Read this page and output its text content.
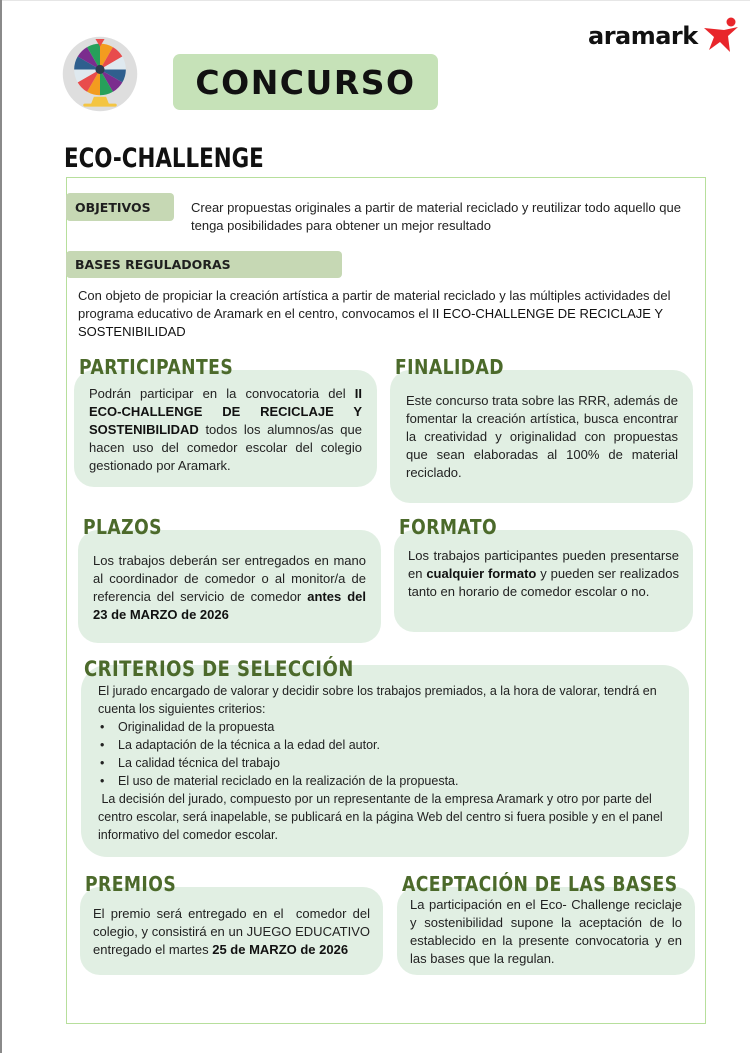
CONCURSO
aramark
ECO-CHALLENGE
OBJETIVOS	Crear propuestas originales a partir de material reciclado y reutilizar todo aquello que tenga posibilidades para obtener un mejor resultado
BASES REGULADORAS
Con objeto de propiciar la creación artística a partir de material reciclado y las múltiples actividades del programa educativo de Aramark en el centro, convocamos el II ECO-CHALLENGE DE RECICLAJE Y SOSTENIBILIDAD
PARTICIPANTES
Podrán participar en la convocatoria del II ECO-CHALLENGE DE RECICLAJE Y SOSTENIBILIDAD todos los alumnos/as que hacen uso del comedor escolar del colegio gestionado por Aramark.
FINALIDAD
Este concurso trata sobre las RRR, además de fomentar la creación artística, busca encontrar la creatividad y originalidad con propuestas que sean elaboradas al 100% de material reciclado.
PLAZOS
Los trabajos deberán ser entregados en mano al coordinador de comedor o al monitor/a de referencia del servicio de comedor antes del 23 de MARZO de 2026
FORMATO
Los trabajos participantes pueden presentarse en cualquier formato y pueden ser realizados tanto en horario de comedor escolar o no.
CRITERIOS DE SELECCIÓN
El jurado encargado de valorar y decidir sobre los trabajos premiados, a la hora de valorar, tendrá en cuenta los siguientes criterios:
• Originalidad de la propuesta
• La adaptación de la técnica a la edad del autor.
• La calidad técnica del trabajo
• El uso de material reciclado en la realización de la propuesta.
La decisión del jurado, compuesto por un representante de la empresa Aramark y otro por parte del centro escolar, será inapelable, se publicará en la página Web del centro si fuera posible y en el panel informativo del comedor escolar.
PREMIOS
El premio será entregado en el  comedor del colegio, y consistirá en un JUEGO EDUCATIVO entregado el martes 25 de MARZO de 2026
ACEPTACIÓN DE LAS BASES
La participación en el Eco- Challenge reciclaje y sostenibilidad supone la aceptación de lo establecido en la presente convocatoria y en las bases que la regulan.
